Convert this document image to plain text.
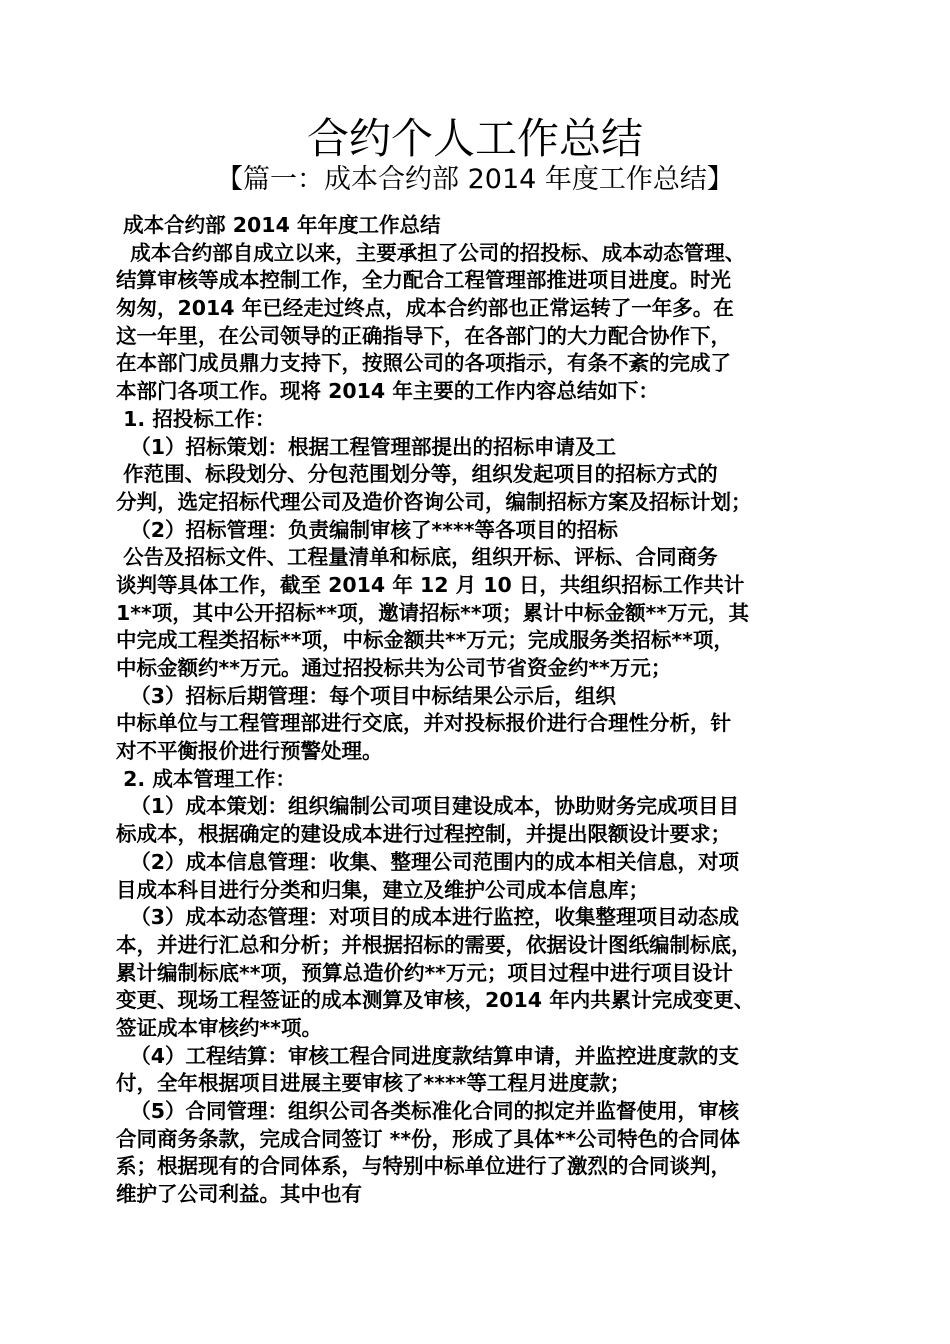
合约个人工作总结
【篇一：成本合约部 2014 年度工作总结】
成本合约部 2014 年年度工作总结
成本合约部自成立以来，主要承担了公司的招投标、成本动态管理、
结算审核等成本控制工作，全力配合工程管理部推进项目进度。时光
匆匆，2014 年已经走过终点，成本合约部也正常运转了一年多。在
这一年里，在公司领导的正确指导下，在各部门的大力配合协作下，
在本部门成员鼎力支持下，按照公司的各项指示，有条不紊的完成了
本部门各项工作。现将 2014 年主要的工作内容总结如下：
1. 招投标工作：
（1）招标策划：根据工程管理部提出的招标申请及工
作范围、标段划分、分包范围划分等，组织发起项目的招标方式的
分判，选定招标代理公司及造价咨询公司，编制招标方案及招标计划；
（2）招标管理：负责编制审核了****等各项目的招标
公告及招标文件、工程量清单和标底，组织开标、评标、合同商务
谈判等具体工作，截至 2014 年 12 月 10 日，共组织招标工作共计
1**项，其中公开招标**项，邀请招标**项；累计中标金额**万元，其
中完成工程类招标**项，中标金额共**万元；完成服务类招标**项，
中标金额约**万元。通过招投标共为公司节省资金约**万元；
（3）招标后期管理：每个项目中标结果公示后，组织
中标单位与工程管理部进行交底，并对投标报价进行合理性分析，针
对不平衡报价进行预警处理。
2. 成本管理工作：
（1）成本策划：组织编制公司项目建设成本，协助财务完成项目目
标成本，根据确定的建设成本进行过程控制，并提出限额设计要求；
（2）成本信息管理：收集、整理公司范围内的成本相关信息，对项
目成本科目进行分类和归集，建立及维护公司成本信息库；
（3）成本动态管理：对项目的成本进行监控，收集整理项目动态成
本，并进行汇总和分析；并根据招标的需要，依据设计图纸编制标底，
累计编制标底**项，预算总造价约**万元；项目过程中进行项目设计
变更、现场工程签证的成本测算及审核，2014 年内共累计完成变更、
签证成本审核约**项。
（4）工程结算：审核工程合同进度款结算申请，并监控进度款的支
付，全年根据项目进展主要审核了****等工程月进度款；
（5）合同管理：组织公司各类标准化合同的拟定并监督使用，审核
合同商务条款，完成合同签订 **份，形成了具体**公司特色的合同体
系；根据现有的合同体系，与特别中标单位进行了激烈的合同谈判，
维护了公司利益。其中也有
